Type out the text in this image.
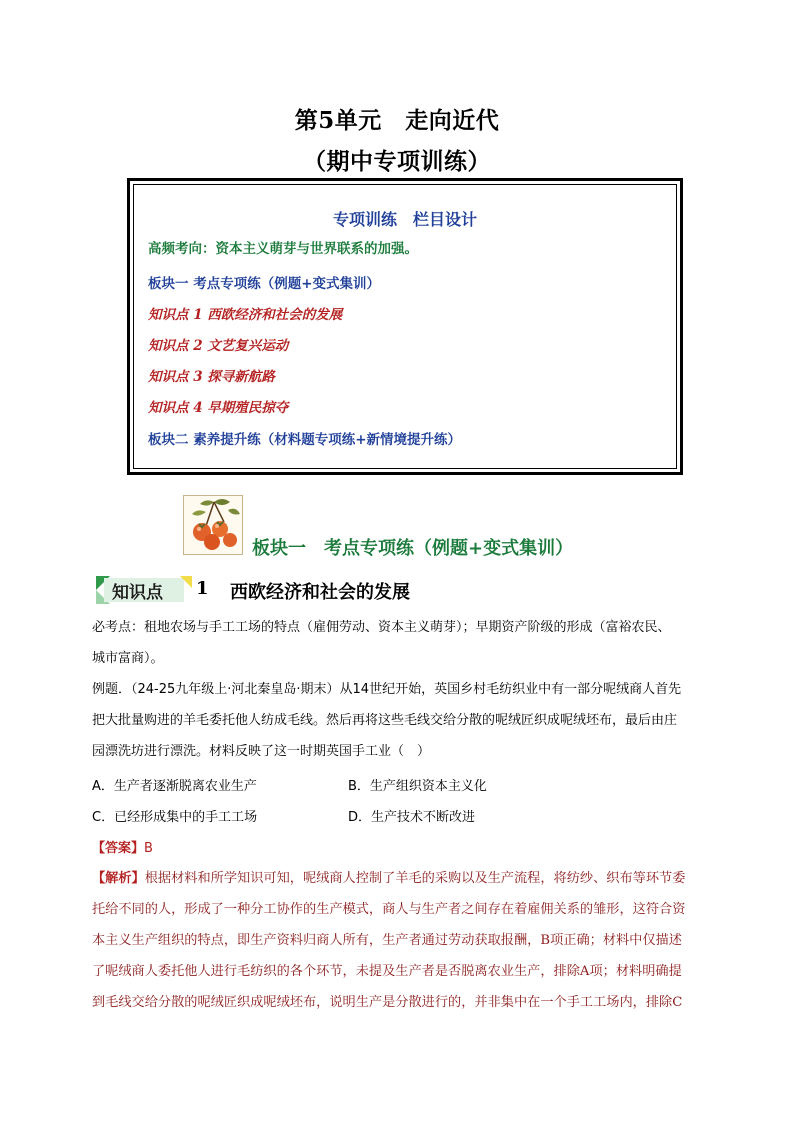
第5单元　走向近代
（期中专项训练）
专项训练　栏目设计
高频考向：资本主义萌芽与世界联系的加强。
板块一 考点专项练（例题+变式集训）
知识点 1 西欧经济和社会的发展
知识点 2 文艺复兴运动
知识点 3 探寻新航路
知识点 4 早期殖民掠夺
板块二 素养提升练（材料题专项练+新情境提升练）
板块一　考点专项练（例题+变式集训）
知识点 1 西欧经济和社会的发展
必考点：租地农场与手工工场的特点（雇佣劳动、资本主义萌芽）；早期资产阶级的形成（富裕农民、
城市富商）。
例题．（24-25九年级上·河北秦皇岛·期末）从14世纪开始，英国乡村毛纺织业中有一部分呢绒商人首先
把大批量购进的羊毛委托他人纺成毛线。然后再将这些毛线交给分散的呢绒匠织成呢绒坯布，最后由庄
园漂洗坊进行漂洗。材料反映了这一时期英国手工业（　）
A．生产者逐渐脱离农业生产	B．生产组织资本主义化
C．已经形成集中的手工工场	D．生产技术不断改进
【答案】B
【解析】根据材料和所学知识可知，呢绒商人控制了羊毛的采购以及生产流程，将纺纱、织布等环节委
托给不同的人，形成了一种分工协作的生产模式，商人与生产者之间存在着雇佣关系的雏形，这符合资
本主义生产组织的特点，即生产资料归商人所有，生产者通过劳动获取报酬，B项正确；材料中仅描述
了呢绒商人委托他人进行毛纺织的各个环节，未提及生产者是否脱离农业生产，排除A项；材料明确提
到毛线交给分散的呢绒匠织成呢绒坯布，说明生产是分散进行的，并非集中在一个手工工场内，排除C
